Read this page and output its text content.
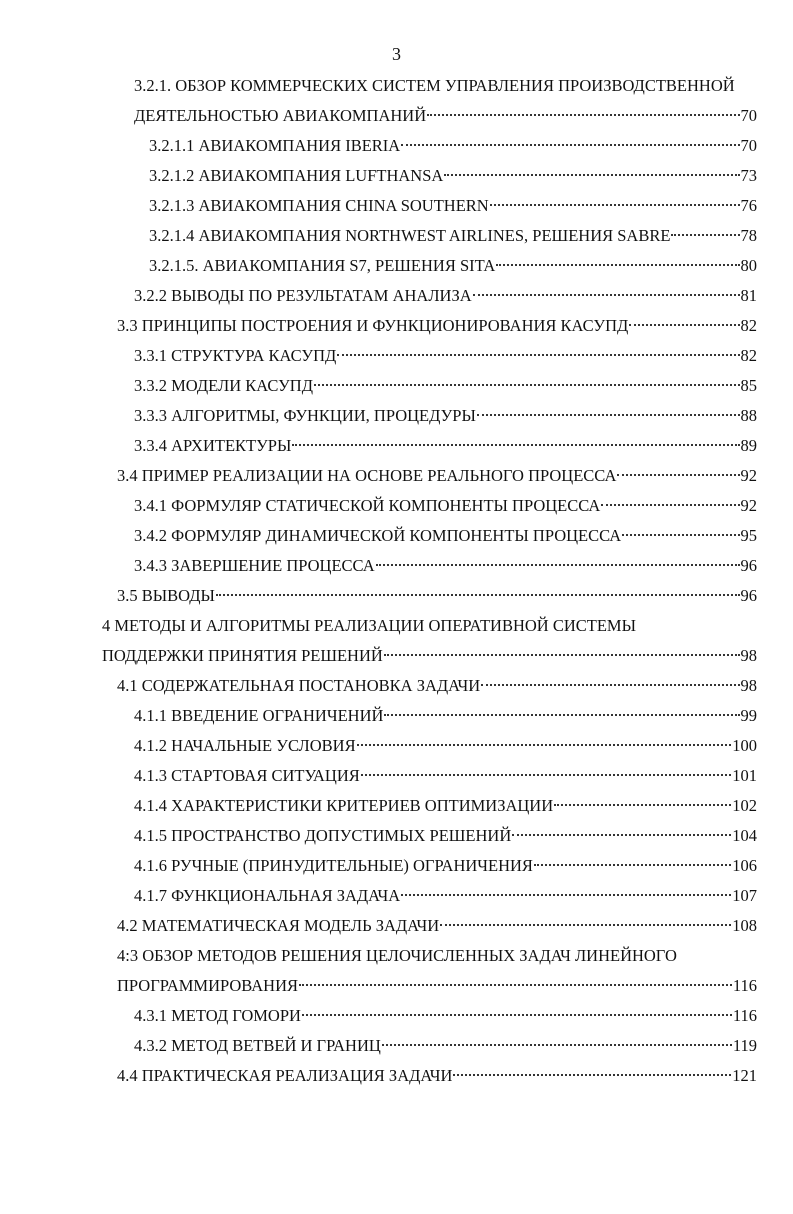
3
3.2.1. ОБЗОР КОММЕРЧЕСКИХ СИСТЕМ УПРАВЛЕНИЯ ПРОИЗВОДСТВЕННОЙ
ДЕЯТЕЛЬНОСТЬЮ АВИАКОМПАНИЙ	70
3.2.1.1 АВИАКОМПАНИЯ IBERIA	70
3.2.1.2 АВИАКОМПАНИЯ LUFTHANSA	73
3.2.1.3 АВИАКОМПАНИЯ CHINA SOUTHERN	76
3.2.1.4 АВИАКОМПАНИЯ NORTHWEST AIRLINES, РЕШЕНИЯ SABRE	78
3.2.1.5. АВИАКОМПАНИЯ S7, РЕШЕНИЯ SITA	80
3.2.2 ВЫВОДЫ ПО РЕЗУЛЬТАТАМ АНАЛИЗА	81
3.3 ПРИНЦИПЫ ПОСТРОЕНИЯ И ФУНКЦИОНИРОВАНИЯ КАСУПД	82
3.3.1 СТРУКТУРА КАСУПД	82
3.3.2 МОДЕЛИ КАСУПД	85
3.3.3 АЛГОРИТМЫ, ФУНКЦИИ, ПРОЦЕДУРЫ	88
3.3.4 АРХИТЕКТУРЫ	89
3.4 ПРИМЕР РЕАЛИЗАЦИИ НА ОСНОВЕ РЕАЛЬНОГО ПРОЦЕССА	92
3.4.1 ФОРМУЛЯР СТАТИЧЕСКОЙ КОМПОНЕНТЫ ПРОЦЕССА	92
3.4.2 ФОРМУЛЯР ДИНАМИЧЕСКОЙ КОМПОНЕНТЫ ПРОЦЕССА	95
3.4.3 ЗАВЕРШЕНИЕ ПРОЦЕССА	96
3.5 ВЫВОДЫ	96
4 МЕТОДЫ И АЛГОРИТМЫ РЕАЛИЗАЦИИ ОПЕРАТИВНОЙ СИСТЕМЫ
ПОДДЕРЖКИ ПРИНЯТИЯ РЕШЕНИЙ	98
4.1 СОДЕРЖАТЕЛЬНАЯ ПОСТАНОВКА ЗАДАЧИ	98
4.1.1 ВВЕДЕНИЕ ОГРАНИЧЕНИЙ	99
4.1.2 НАЧАЛЬНЫЕ УСЛОВИЯ	100
4.1.3 СТАРТОВАЯ СИТУАЦИЯ	101
4.1.4 ХАРАКТЕРИСТИКИ КРИТЕРИЕВ ОПТИМИЗАЦИИ	102
4.1.5 ПРОСТРАНСТВО ДОПУСТИМЫХ РЕШЕНИЙ	104
4.1.6 РУЧНЫЕ (ПРИНУДИТЕЛЬНЫЕ) ОГРАНИЧЕНИЯ	106
4.1.7 ФУНКЦИОНАЛЬНАЯ ЗАДАЧА	107
4.2 МАТЕМАТИЧЕСКАЯ МОДЕЛЬ ЗАДАЧИ	108
4:3 ОБЗОР МЕТОДОВ РЕШЕНИЯ ЦЕЛОЧИСЛЕННЫХ ЗАДАЧ ЛИНЕЙНОГО
ПРОГРАММИРОВАНИЯ	116
4.3.1 МЕТОД ГОМОРИ	116
4.3.2 МЕТОД ВЕТВЕЙ И ГРАНИЦ	119
4.4 ПРАКТИЧЕСКАЯ РЕАЛИЗАЦИЯ ЗАДАЧИ	121
